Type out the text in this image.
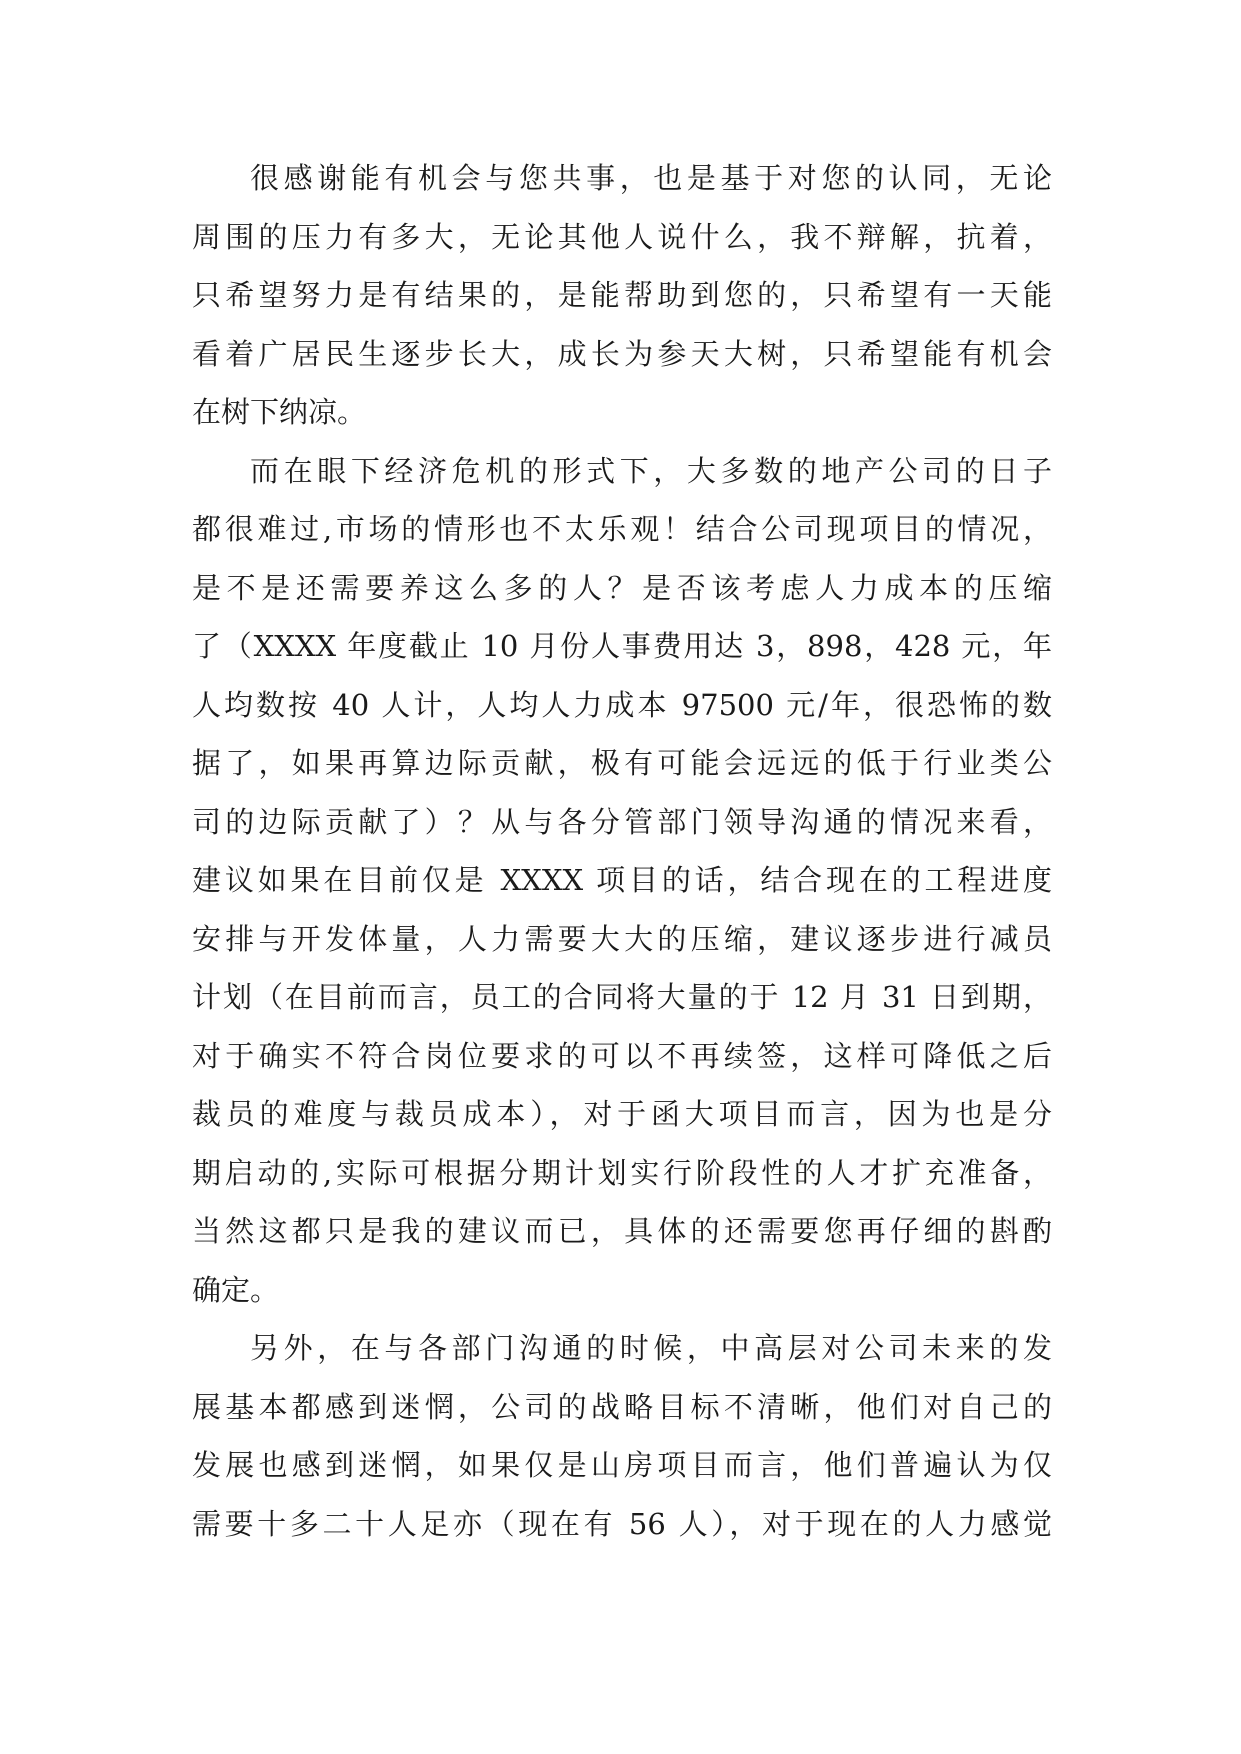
很感谢能有机会与您共事，也是基于对您的认同，无论
周围的压力有多大，无论其他人说什么，我不辩解，抗着，
只希望努力是有结果的，是能帮助到您的，只希望有一天能
看着广居民生逐步长大，成长为参天大树，只希望能有机会
在树下纳凉。
而在眼下经济危机的形式下，大多数的地产公司的日子
都很难过,市场的情形也不太乐观！结合公司现项目的情况，
是不是还需要养这么多的人？是否该考虑人力成本的压缩
了（XXXX 年度截止 10 月份人事费用达 3，898，428 元，年
人均数按 40 人计，人均人力成本 97500 元/年，很恐怖的数
据了，如果再算边际贡献，极有可能会远远的低于行业类公
司的边际贡献了）？从与各分管部门领导沟通的情况来看，
建议如果在目前仅是 XXXX 项目的话，结合现在的工程进度
安排与开发体量，人力需要大大的压缩，建议逐步进行减员
计划（在目前而言，员工的合同将大量的于 12 月 31 日到期，
对于确实不符合岗位要求的可以不再续签，这样可降低之后
裁员的难度与裁员成本），对于函大项目而言，因为也是分
期启动的,实际可根据分期计划实行阶段性的人才扩充准备，
当然这都只是我的建议而已，具体的还需要您再仔细的斟酌
确定。
另外，在与各部门沟通的时候，中高层对公司未来的发
展基本都感到迷惘，公司的战略目标不清晰，他们对自己的
发展也感到迷惘，如果仅是山房项目而言，他们普遍认为仅
需要十多二十人足亦（现在有 56 人），对于现在的人力感觉
